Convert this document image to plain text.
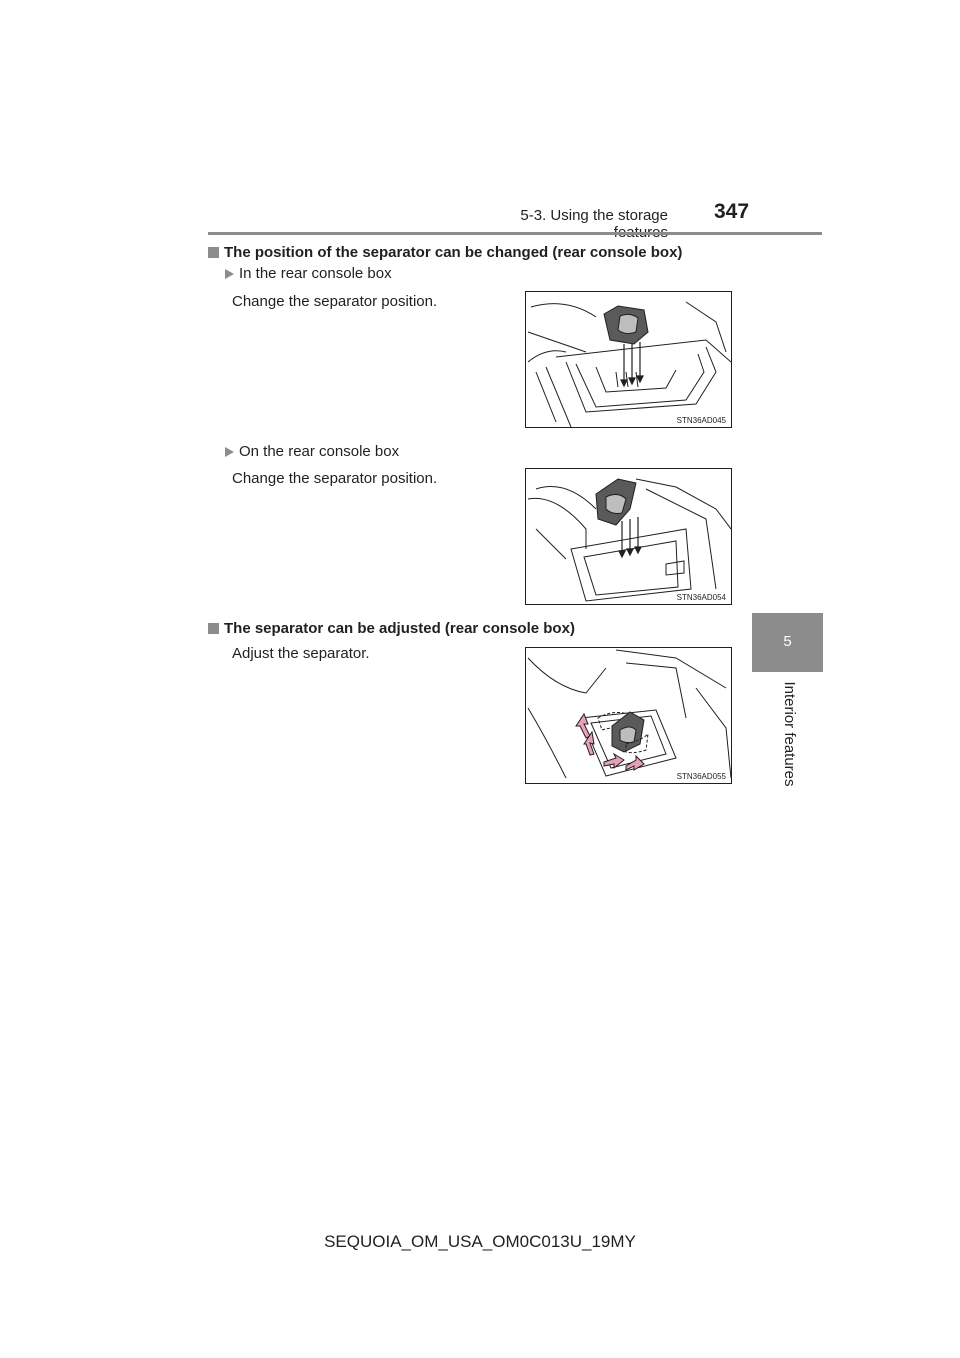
5-3. Using the storage 347
5
Interior features
The position of the separator can be changed (rear console box)
In the rear console box
Change the separator position.
STN36AD045
On the rear console box
Change the separator position.
STN36AD054
The separator can be adjusted (rear console box)
Adjust the separator.
STN36AD055
SEQUOIA_OM_USA_OM0C013U_19MY
